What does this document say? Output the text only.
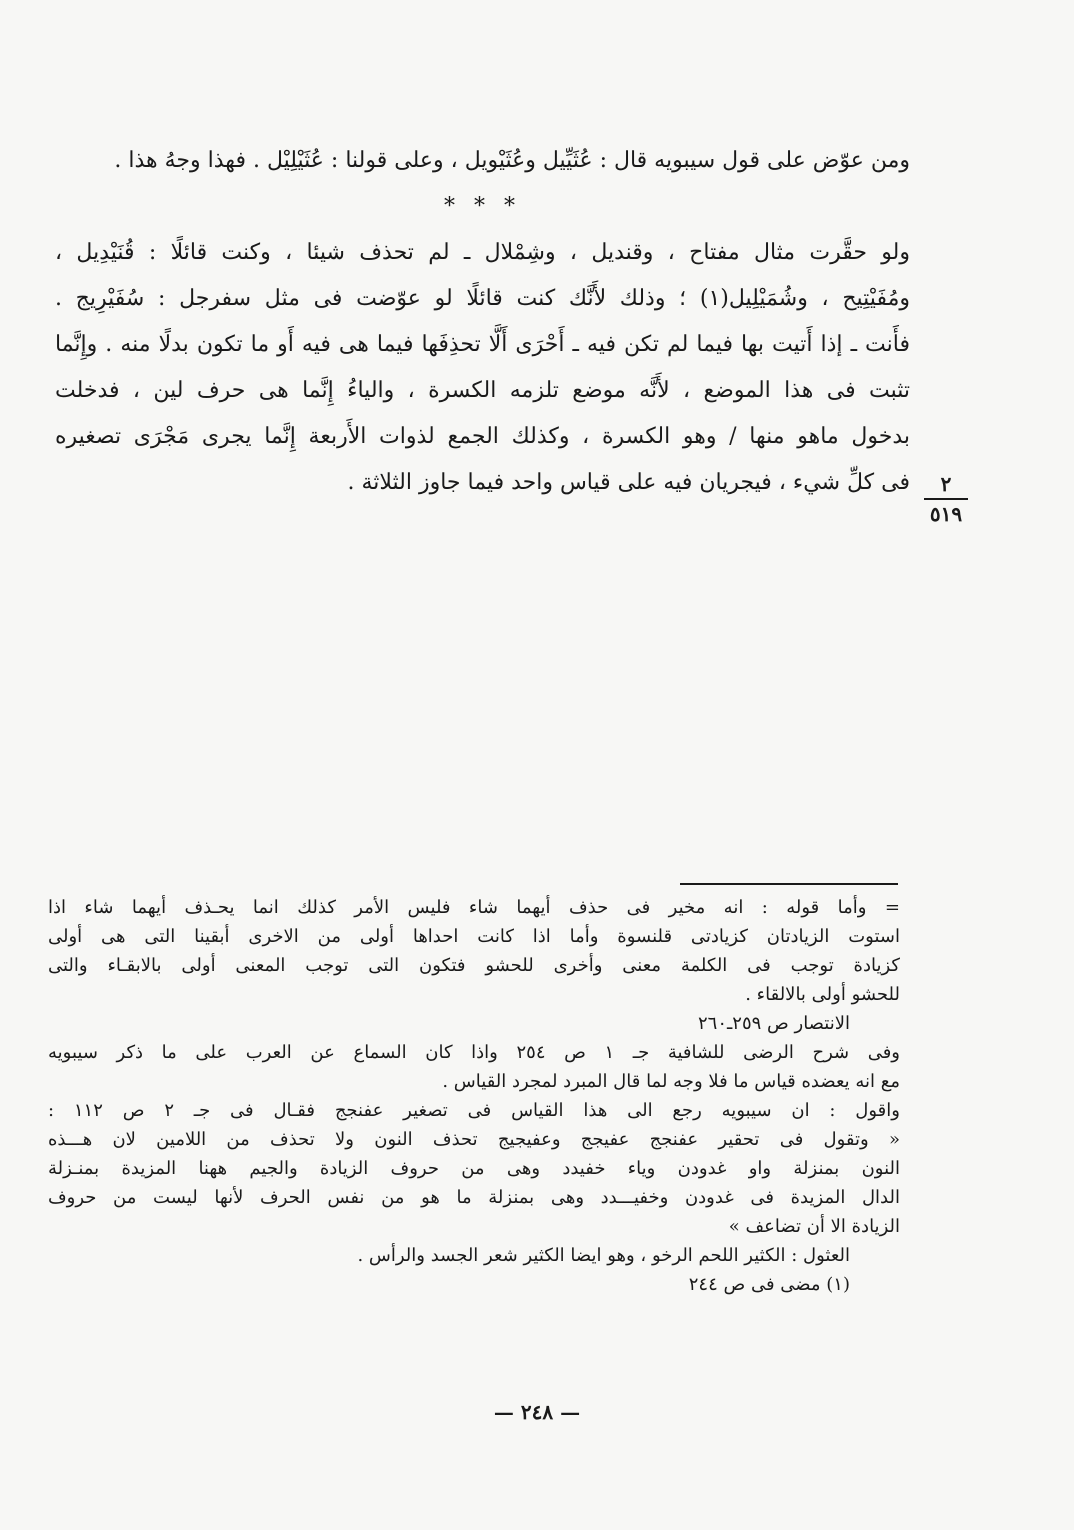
ومن عوّض على قول سيبويه قال : عُثَيِّيل وعُثَيْويل ، وعلى قولنا : عُثَيْلِيْل . فهذا وجهُ هذا .
* * *
ولو حقَّرت مثال مفتاح ، وقنديل ، وشِمْلال ـ لم تحذف شيئا ، وكنت قائلًا : قُنَيْدِيل ،
ومُفَيْتِيح ، وشُمَيْلِيل(١) ؛ وذلك لأَنَّك كنت قائلًا لو عوّضت فى مثل سفرجل : سُفَيْرِيج .
فأَنت ـ إذا أَتيت بها فيما لم تكن فيه ـ أَحْرَى أَلَّا تحذِفَها فيما هى فيه أَو ما تكون بدلًا منه . وإِنَّما
تثبت فى هذا الموضع ، لأَنَّه موضع تلزمه الكسرة ، والياءُ إِنَّما هى حرف لين ، فدخلت
بدخول ماهو منها / وهو الكسرة ، وكذلك الجمع لذوات الأَربعة إِنَّما يجرى مَجْرَى تصغيره
فى كلِّ شيء ، فيجريان فيه على قياس واحد فيما جاوز الثلاثة .	٢
٥١٩
= وأما قوله : انه مخير فى حذف أيهما شاء فليس الأمر كذلك انما يحـذف أيهما شاء اذا
استوت الزيادتان كزيادتى قلنسوة وأما اذا كانت احداها أولى من الاخرى أبقينا التى هى أولى
كزيادة توجب فى الكلمة معنى وأخرى للحشو فتكون التى توجب المعنى أولى بالابقـاء والتى
للحشو أولى بالالقاء .
الانتصار ص ٢٥٩ـ٢٦٠
وفى شرح الرضى للشافية جـ ١ ص ٢٥٤ واذا كان السماع عن العرب على ما ذكر سيبويه
مع انه يعضده قياس ما فلا وجه لما قال المبرد لمجرد القياس .
واقول : ان سيبويه رجع الى هذا القياس فى تصغير عفنجج فقـال فى جـ ٢ ص ١١٢ :
« وتقول فى تحقير عفنجج عفيجج وعفيجيج تحذف النون ولا تحذف من اللامين لان هـــذه
النون بمنزلة واو غدودن وياء خفيدد وهى من حروف الزيادة والجيم ههنا المزيدة بمنـزلة
الدال المزيدة فى غدودن وخفيـــدد وهى بمنزلة ما هو من نفس الحرف لأنها ليست من حروف
الزيادة الا أن تضاعف »
العثول : الكثير اللحم الرخو ، وهو ايضا الكثير شعر الجسد والرأس .
(١) مضى فى ص ٢٤٤
— ٢٤٨ —
